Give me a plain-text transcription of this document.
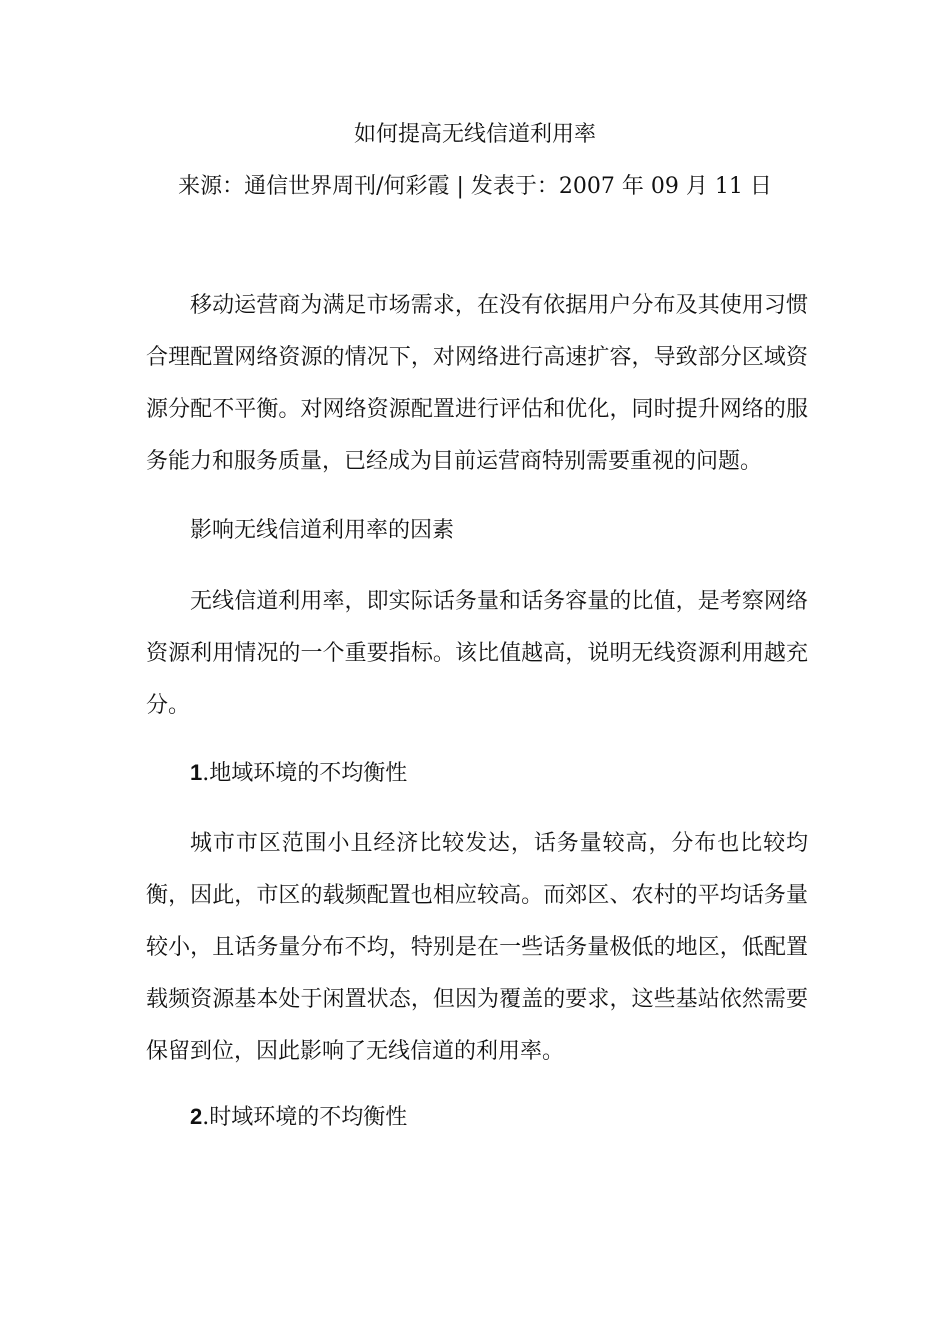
如何提高无线信道利用率
来源：通信世界周刊/何彩霞 | 发表于：2007 年 09 月 11 日

移动运营商为满足市场需求，在没有依据用户分布及其使用习惯合理配置网络资源的情况下，对网络进行高速扩容，导致部分区域资源分配不平衡。对网络资源配置进行评估和优化，同时提升网络的服务能力和服务质量，已经成为目前运营商特别需要重视的问题。

影响无线信道利用率的因素

无线信道利用率，即实际话务量和话务容量的比值，是考察网络资源利用情况的一个重要指标。该比值越高，说明无线资源利用越充分。

1.地域环境的不均衡性

城市市区范围小且经济比较发达，话务量较高，分布也比较均衡，因此，市区的载频配置也相应较高。而郊区、农村的平均话务量较小，且话务量分布不均，特别是在一些话务量极低的地区，低配置载频资源基本处于闲置状态，但因为覆盖的要求，这些基站依然需要保留到位，因此影响了无线信道的利用率。

2.时域环境的不均衡性
